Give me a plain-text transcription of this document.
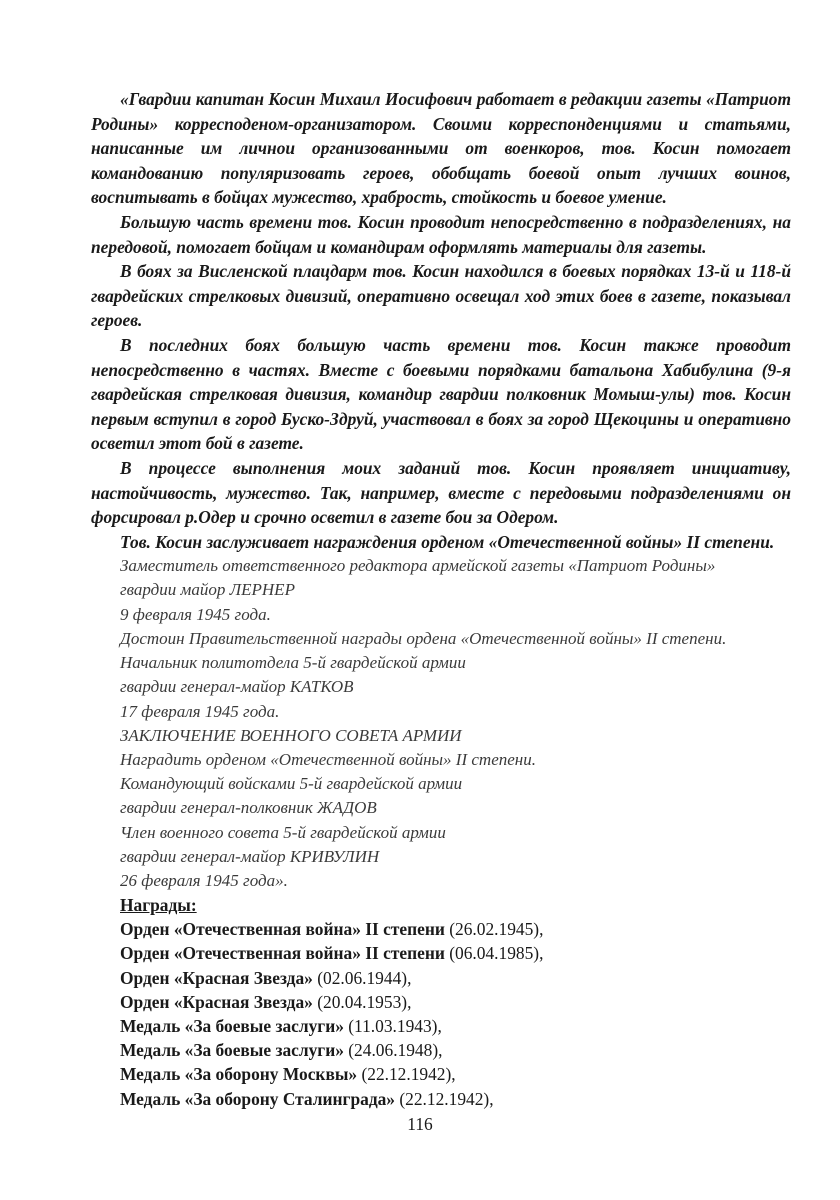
«Гвардии капитан Косин Михаил Иосифович работает в редакции газеты «Патриот Родины» корресподеном-организатором. Своими корреспонденциями и статьями, написанные им личнои организованными от военкоров, тов. Косин помогает командованию популяризовать героев, обобщать боевой опыт лучших воинов, воспитывать в бойцах мужество, храбрость, стойкость и боевое умение.

Большую часть времени тов. Косин проводит непосредственно в подразделениях, на передовой, помогает бойцам и командирам оформлять материалы для газеты.

В боях за Висленской плацдарм тов. Косин находился в боевых порядках 13-й и 118-й гвардейских стрелковых дивизий, оперативно освещал ход этих боев в газете, показывал героев.

В последних боях большую часть времени тов. Косин также проводит непосредственно в частях. Вместе с боевыми порядками батальона Хабибулина (9-я гвардейская стрелковая дивизия, командир гвардии полковник Момыш-улы) тов. Косин первым вступил в город Буско-Здруй, участвовал в боях за город Щекоцины и оперативно осветил этот бой в газете.

В процессе выполнения моих заданий тов. Косин проявляет инициативу, настойчивость, мужество. Так, например, вместе с передовыми подразделениями он форсировал р.Одер и срочно осветил в газете бои за Одером.

Тов. Косин заслуживает награждения орденом «Отечественной войны» II степени.

Заместитель ответственного редактора армейской газеты «Патриот Родины»

гвардии майор ЛЕРНЕР

9 февраля 1945 года.

Достоин Правительственной награды ордена «Отечественной войны» II степени.

Начальник политотдела 5-й гвардейской армии

гвардии генерал-майор КАТКОВ

17 февраля 1945 года.

ЗАКЛЮЧЕНИЕ ВОЕННОГО СОВЕТА АРМИИ

Наградить орденом «Отечественной войны» II степени.

Командующий войсками 5-й гвардейской армии

гвардии генерал-полковник ЖАДОВ

Член военного совета 5-й гвардейской армии

гвардии генерал-майор КРИВУЛИН

26 февраля 1945 года».

Награды:

Орден «Отечественная война» II степени (26.02.1945),

Орден «Отечественная война» II степени (06.04.1985),

Орден «Красная Звезда» (02.06.1944),

Орден «Красная Звезда» (20.04.1953),

Медаль «За боевые заслуги» (11.03.1943),

Медаль «За боевые заслуги» (24.06.1948),

Медаль «За оборону Москвы» (22.12.1942),

Медаль «За оборону Сталинграда» (22.12.1942),

116
